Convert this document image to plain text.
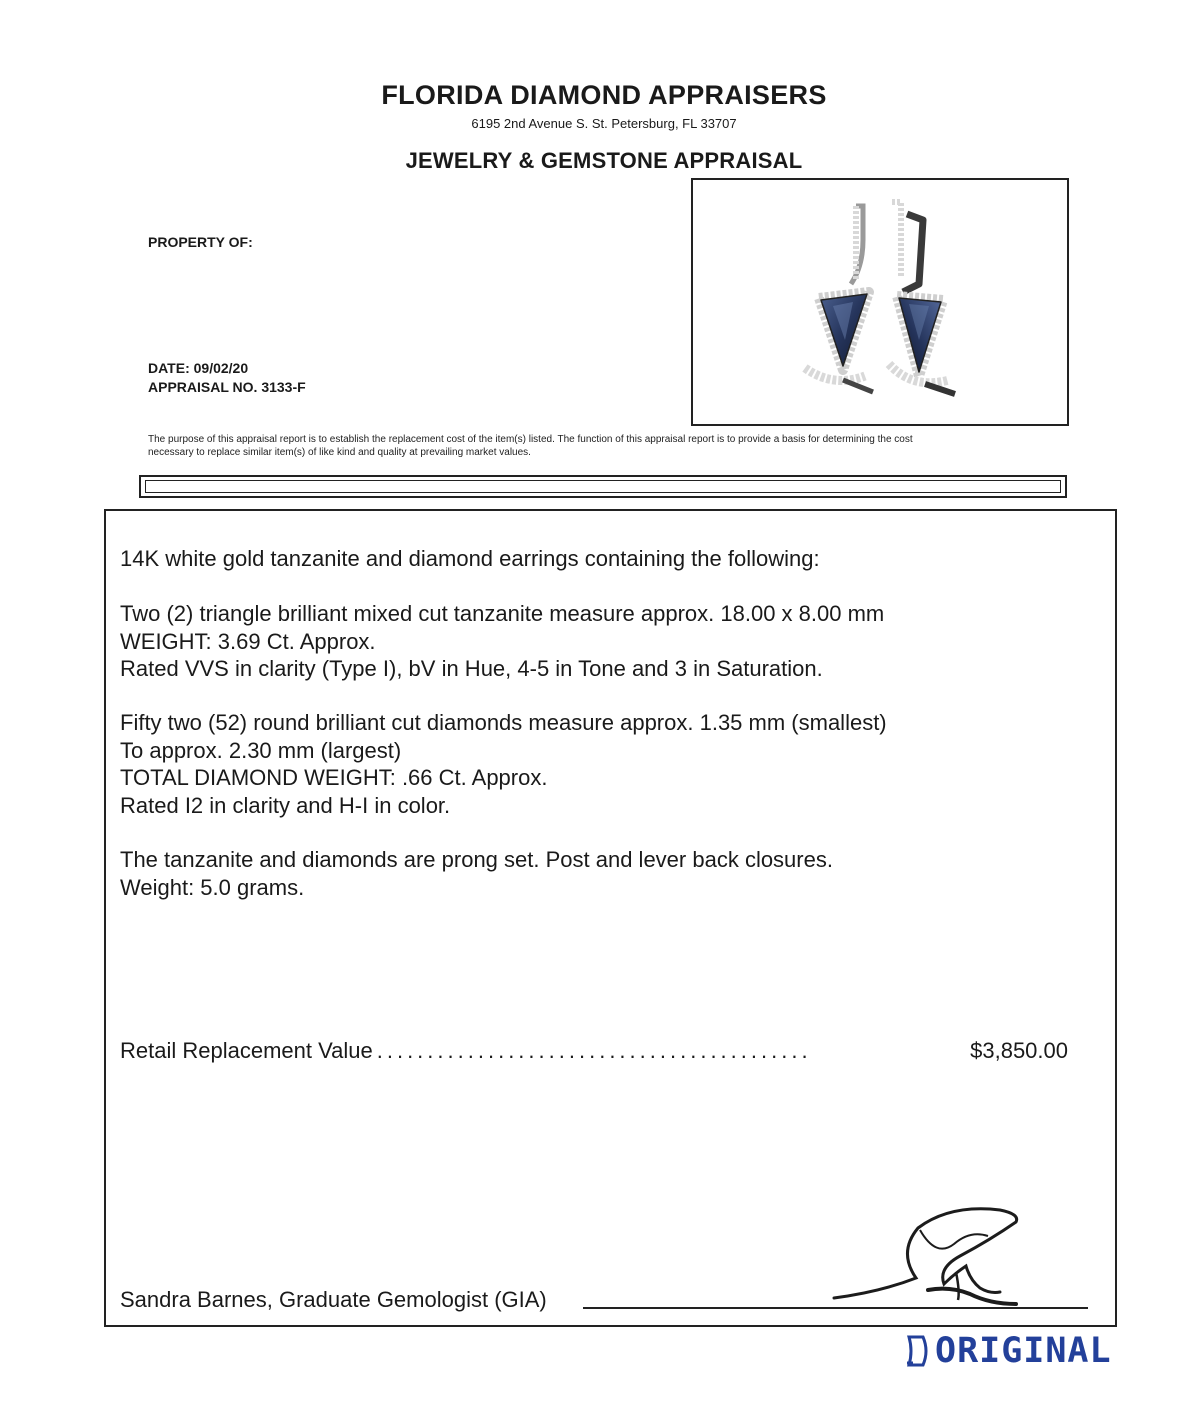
FLORIDA DIAMOND APPRAISERS
6195 2nd Avenue S. St. Petersburg, FL 33707
JEWELRY & GEMSTONE APPRAISAL
PROPERTY OF:
DATE: 09/02/20
APPRAISAL NO. 3133-F
The purpose of this appraisal report is to establish the replacement cost of the item(s) listed. The function of this appraisal report is to provide a basis for determining the cost
necessary to replace similar item(s) of like kind and quality at prevailing market values.
14K white gold tanzanite and diamond earrings containing the following:
Two (2) triangle brilliant mixed cut tanzanite measure approx. 18.00 x 8.00 mm
WEIGHT: 3.69 Ct. Approx.
Rated VVS in clarity (Type I), bV in Hue, 4-5 in Tone and 3 in Saturation.
Fifty two (52) round brilliant cut diamonds measure approx. 1.35 mm (smallest)
To approx. 2.30 mm (largest)
TOTAL DIAMOND WEIGHT: .66 Ct. Approx.
Rated I2 in clarity and H-I in color.
The tanzanite and diamonds are prong set. Post and lever back closures.
Weight: 5.0 grams.
Retail Replacement Value ...........................................	$3,850.00
Sandra Barnes, Graduate Gemologist (GIA)
ORIGINAL
